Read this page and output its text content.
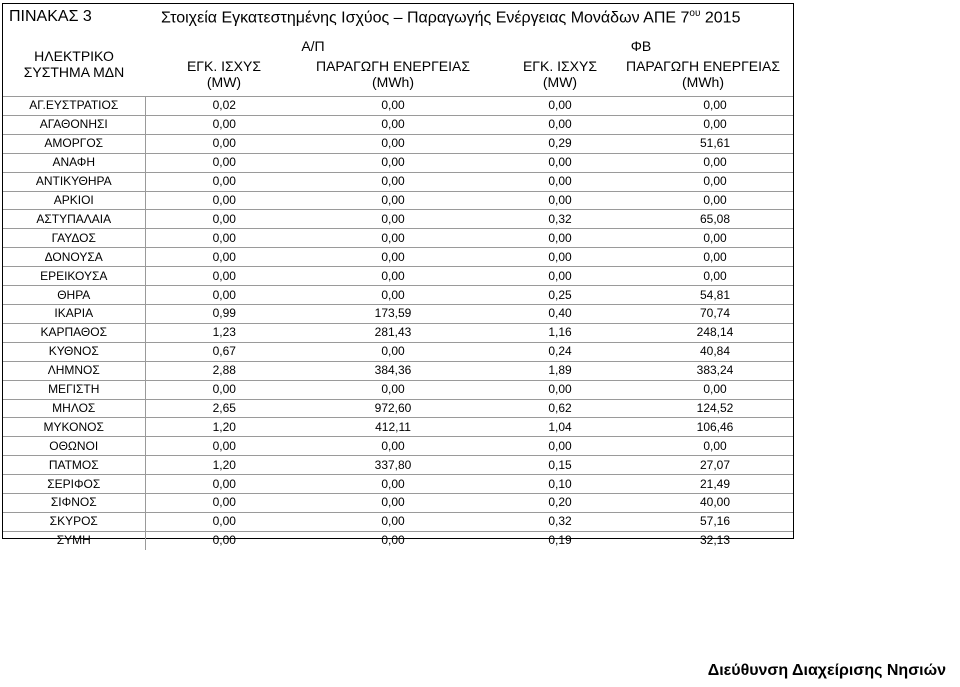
ΠΙΝΑΚΑΣ 3	Στοιχεία Εγκατεστημένης Ισχύος – Παραγωγής Ενέργειας Μονάδων ΑΠΕ $7^{o\upsilon}$ 2015
ΗΛΕΚΤΡΙΚΟ
ΣΥΣΤΗΜΑ ΜΔΝ
Α/Π	ΦΒ
ΕΓΚ. ΙΣΧΥΣ
(MW)
ΠΑΡΑΓΩΓΗ ΕΝΕΡΓΕΙΑΣ
(MWh)
ΕΓΚ. ΙΣΧΥΣ
(MW)
ΠΑΡΑΓΩΓΗ ΕΝΕΡΓΕΙΑΣ
(MWh)
ΑΓ.ΕΥΣΤΡΑΤΙΟΣ	0,02	0,00	0,00	0,00
ΑΓΑΘΟΝΗΣΙ	0,00	0,00	0,00	0,00
ΑΜΟΡΓΟΣ	0,00	0,00	0,29	51,61
ΑΝΑΦΗ	0,00	0,00	0,00	0,00
ΑΝΤΙΚΥΘΗΡΑ	0,00	0,00	0,00	0,00
ΑΡΚΙΟΙ	0,00	0,00	0,00	0,00
ΑΣΤΥΠΑΛΑΙΑ	0,00	0,00	0,32	65,08
ΓΑΥΔΟΣ	0,00	0,00	0,00	0,00
ΔΟΝΟΥΣΑ	0,00	0,00	0,00	0,00
ΕΡΕΙΚΟΥΣΑ	0,00	0,00	0,00	0,00
ΘΗΡΑ	0,00	0,00	0,25	54,81
ΙΚΑΡΙΑ	0,99	173,59	0,40	70,74
ΚΑΡΠΑΘΟΣ	1,23	281,43	1,16	248,14
ΚΥΘΝΟΣ	0,67	0,00	0,24	40,84
ΛΗΜΝΟΣ	2,88	384,36	1,89	383,24
ΜΕΓΙΣΤΗ	0,00	0,00	0,00	0,00
ΜΗΛΟΣ	2,65	972,60	0,62	124,52
ΜΥΚΟΝΟΣ	1,20	412,11	1,04	106,46
ΟΘΩΝΟΙ	0,00	0,00	0,00	0,00
ΠΑΤΜΟΣ	1,20	337,80	0,15	27,07
ΣΕΡΙΦΟΣ	0,00	0,00	0,10	21,49
ΣΙΦΝΟΣ	0,00	0,00	0,20	40,00
ΣΚΥΡΟΣ	0,00	0,00	0,32	57,16
ΣΥΜΗ	0,00	0,00	0,19	32,13
Διεύθυνση Διαχείρισης Νησιών
